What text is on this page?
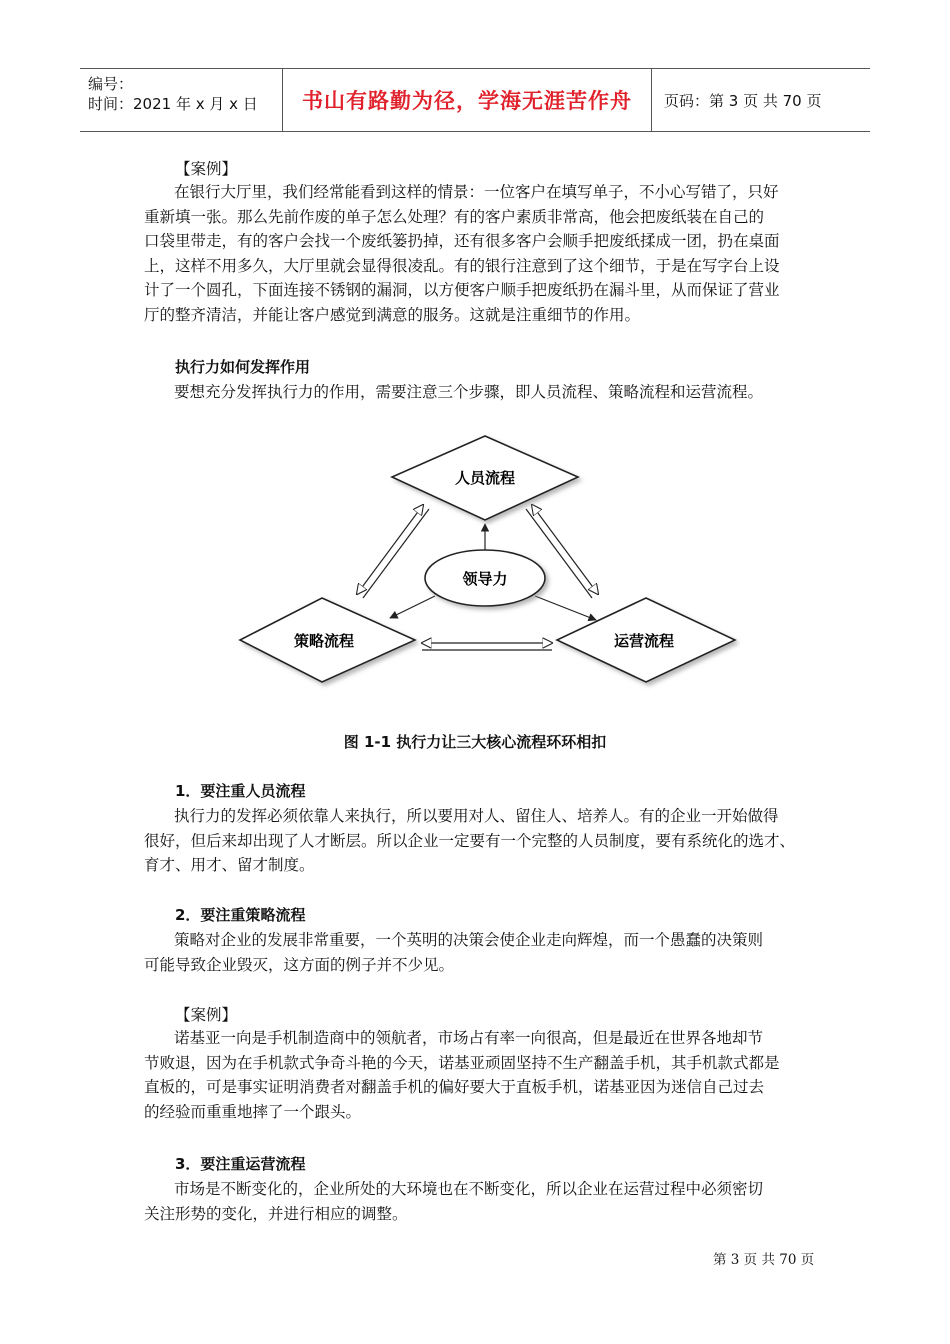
编号：
时间：2021 年 x 月 x 日 书山有路勤为径，学海无涯苦作舟 页码：第 3 页 共 70 页
【案例】

在银行大厅里，我们经常能看到这样的情景：一位客户在填写单子，不小心写错了，只好

重新填一张。那么先前作废的单子怎么处理？有的客户素质非常高，他会把废纸装在自己的

口袋里带走，有的客户会找一个废纸篓扔掉，还有很多客户会顺手把废纸揉成一团，扔在桌面

上，这样不用多久，大厅里就会显得很凌乱。有的银行注意到了这个细节，于是在写字台上设

计了一个圆孔，下面连接不锈钢的漏洞，以方便客户顺手把废纸扔在漏斗里，从而保证了营业

厅的整齐清洁，并能让客户感觉到满意的服务。这就是注重细节的作用。

执行力如何发挥作用

要想充分发挥执行力的作用，需要注意三个步骤，即人员流程、策略流程和运营流程。

人员流程
领导力
策略流程	运营流程
图 1-1 执行力让三大核心流程环环相扣
1．要注重人员流程

执行力的发挥必须依靠人来执行，所以要用对人、留住人、培养人。有的企业一开始做得

很好，但后来却出现了人才断层。所以企业一定要有一个完整的人员制度，要有系统化的选才、

育才、用才、留才制度。

2．要注重策略流程

策略对企业的发展非常重要，一个英明的决策会使企业走向辉煌，而一个愚蠢的决策则

可能导致企业毁灭，这方面的例子并不少见。

【案例】

诺基亚一向是手机制造商中的领航者，市场占有率一向很高，但是最近在世界各地却节

节败退，因为在手机款式争奇斗艳的今天，诺基亚顽固坚持不生产翻盖手机，其手机款式都是

直板的，可是事实证明消费者对翻盖手机的偏好要大于直板手机，诺基亚因为迷信自己过去

的经验而重重地摔了一个跟头。

3．要注重运营流程

市场是不断变化的，企业所处的大环境也在不断变化，所以企业在运营过程中必须密切

关注形势的变化，并进行相应的调整。

第 3 页 共 70 页
